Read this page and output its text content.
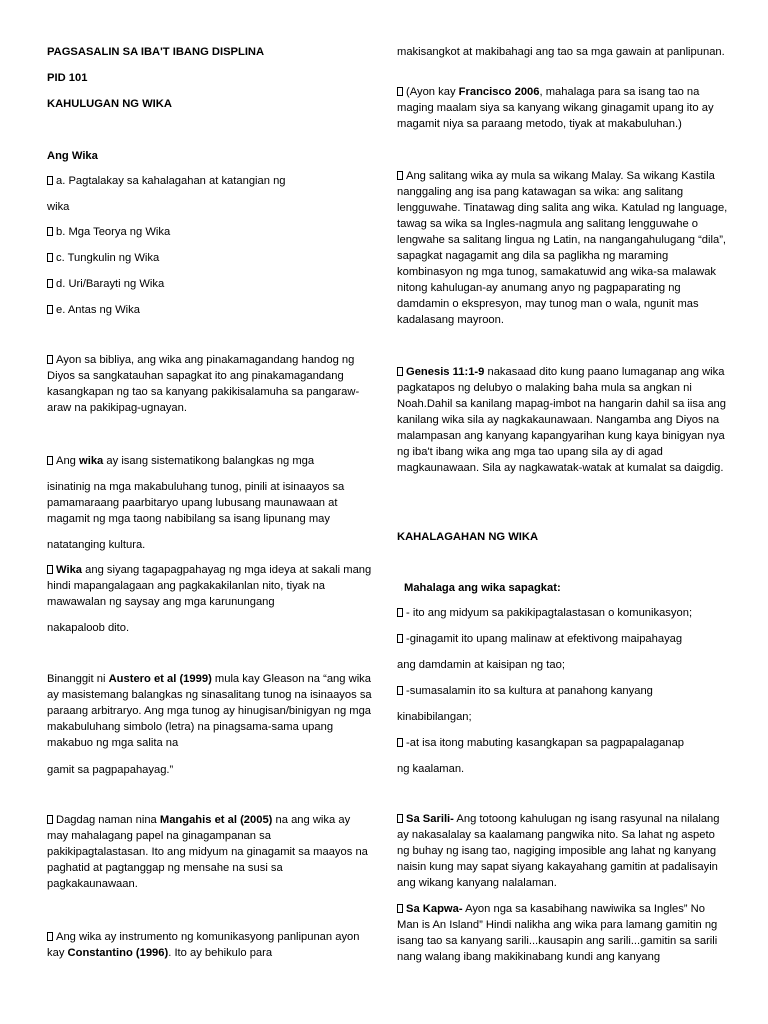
PAGSASALIN SA IBA'T IBANG DISPLINA

PID 101

KAHULUGAN NG WIKA

Ang Wika

a. Pagtalakay sa kahalagahan at katangian ng

wika

b. Mga Teorya ng Wika

c. Tungkulin ng Wika

d. Uri/Barayti ng Wika

e. Antas ng Wika

Ayon sa bibliya, ang wika ang pinakamagandang handog ng Diyos sa sangkatauhan sapagkat ito ang pinakamagandang kasangkapan ng tao sa kanyang pakikisalamuha sa pangaraw-araw na pakikipag-ugnayan.

Ang wika ay isang sistematikong balangkas ng mga

isinatinig na mga makabuluhang tunog, pinili at isinaayos sa pamamaraang paarbitaryo upang lubusang maunawaan at magamit ng mga taong nabibilang sa isang lipunang may

natatanging kultura.

Wika ang siyang tagapagpahayag ng mga ideya at sakali mang hindi mapangalagaan ang pagkakakilanlan nito, tiyak na mawawalan ng saysay ang mga karunungang

nakapaloob dito.

Binanggit ni Austero et al (1999) mula kay Gleason na “ang wika ay masistemang balangkas ng sinasalitang tunog na isinaayos sa paraang arbitraryo. Ang mga tunog ay hinugisan/binigyan ng mga makabuluhang simbolo (letra) na pinagsama-sama upang makabuo ng mga salita na

gamit sa pagpapahayag.”

Dagdag naman nina Mangahis et al (2005) na ang wika ay may mahalagang papel na ginagampanan sa pakikipagtalastasan. Ito ang midyum na ginagamit sa maayos na paghatid at pagtanggap ng mensahe na susi sa pagkakaunawaan.

Ang wika ay instrumento ng komunikasyong panlipunan ayon kay Constantino (1996). Ito ay behikulo para

makisangkot at makibahagi ang tao sa mga gawain at panlipunan.

(Ayon kay Francisco 2006, mahalaga para sa isang tao na maging maalam siya sa kanyang wikang ginagamit upang ito ay magamit niya sa paraang metodo, tiyak at makabuluhan.)

Ang salitang wika ay mula sa wikang Malay. Sa wikang Kastila nanggaling ang isa pang katawagan sa wika: ang salitang lengguwahe. Tinatawag ding salita ang wika. Katulad ng language, tawag sa wika sa Ingles-nagmula ang salitang lengguwahe o lengwahe sa salitang lingua ng Latin, na nangangahulugang “dila”, sapagkat nagagamit ang dila sa paglikha ng maraming kombinasyon ng mga tunog, samakatuwid ang wika-sa malawak nitong kahulugan-ay anumang anyo ng pagpaparating ng damdamin o ekspresyon, may tunog man o wala, ngunit mas kadalasang mayroon.

Genesis 11:1-9 nakasaad dito kung paano lumaganap ang wika pagkatapos ng delubyo o malaking baha mula sa angkan ni Noah.Dahil sa kanilang mapag-imbot na hangarin dahil sa iisa ang kanilang wika sila ay nagkakaunawaan. Nangamba ang Diyos na malampasan ang kanyang kapangyarihan kung kaya binigyan nya ng iba't ibang wika ang mga tao upang sila ay di agad magkaunawaan. Sila ay nagkawatak-watak at kumalat sa daigdig.

KAHALAGAHAN NG WIKA

Mahalaga ang wika sapagkat:

- ito ang midyum sa pakikipagtalastasan o komunikasyon;

-ginagamit ito upang malinaw at efektivong maipahayag

ang damdamin at kaisipan ng tao;

-sumasalamin ito sa kultura at panahong kanyang

kinabibilangan;

-at isa itong mabuting kasangkapan sa pagpapalaganap

ng kaalaman.

Sa Sarili- Ang totoong kahulugan ng isang rasyunal na nilalang ay nakasalalay sa kaalamang pangwika nito. Sa lahat ng aspeto ng buhay ng isang tao, nagiging imposible ang lahat ng kanyang naisin kung may sapat siyang kakayahang gamitin at padalisayin ang wikang kanyang nalalaman.

Sa Kapwa- Ayon nga sa kasabihang nawiwika sa Ingles” No Man is An Island” Hindi nalikha ang wika para lamang gamitin ng isang tao sa kanyang sarili...kausapin ang sarili...gamitin sa sarili nang walang ibang makikinabang kundi ang kanyang
